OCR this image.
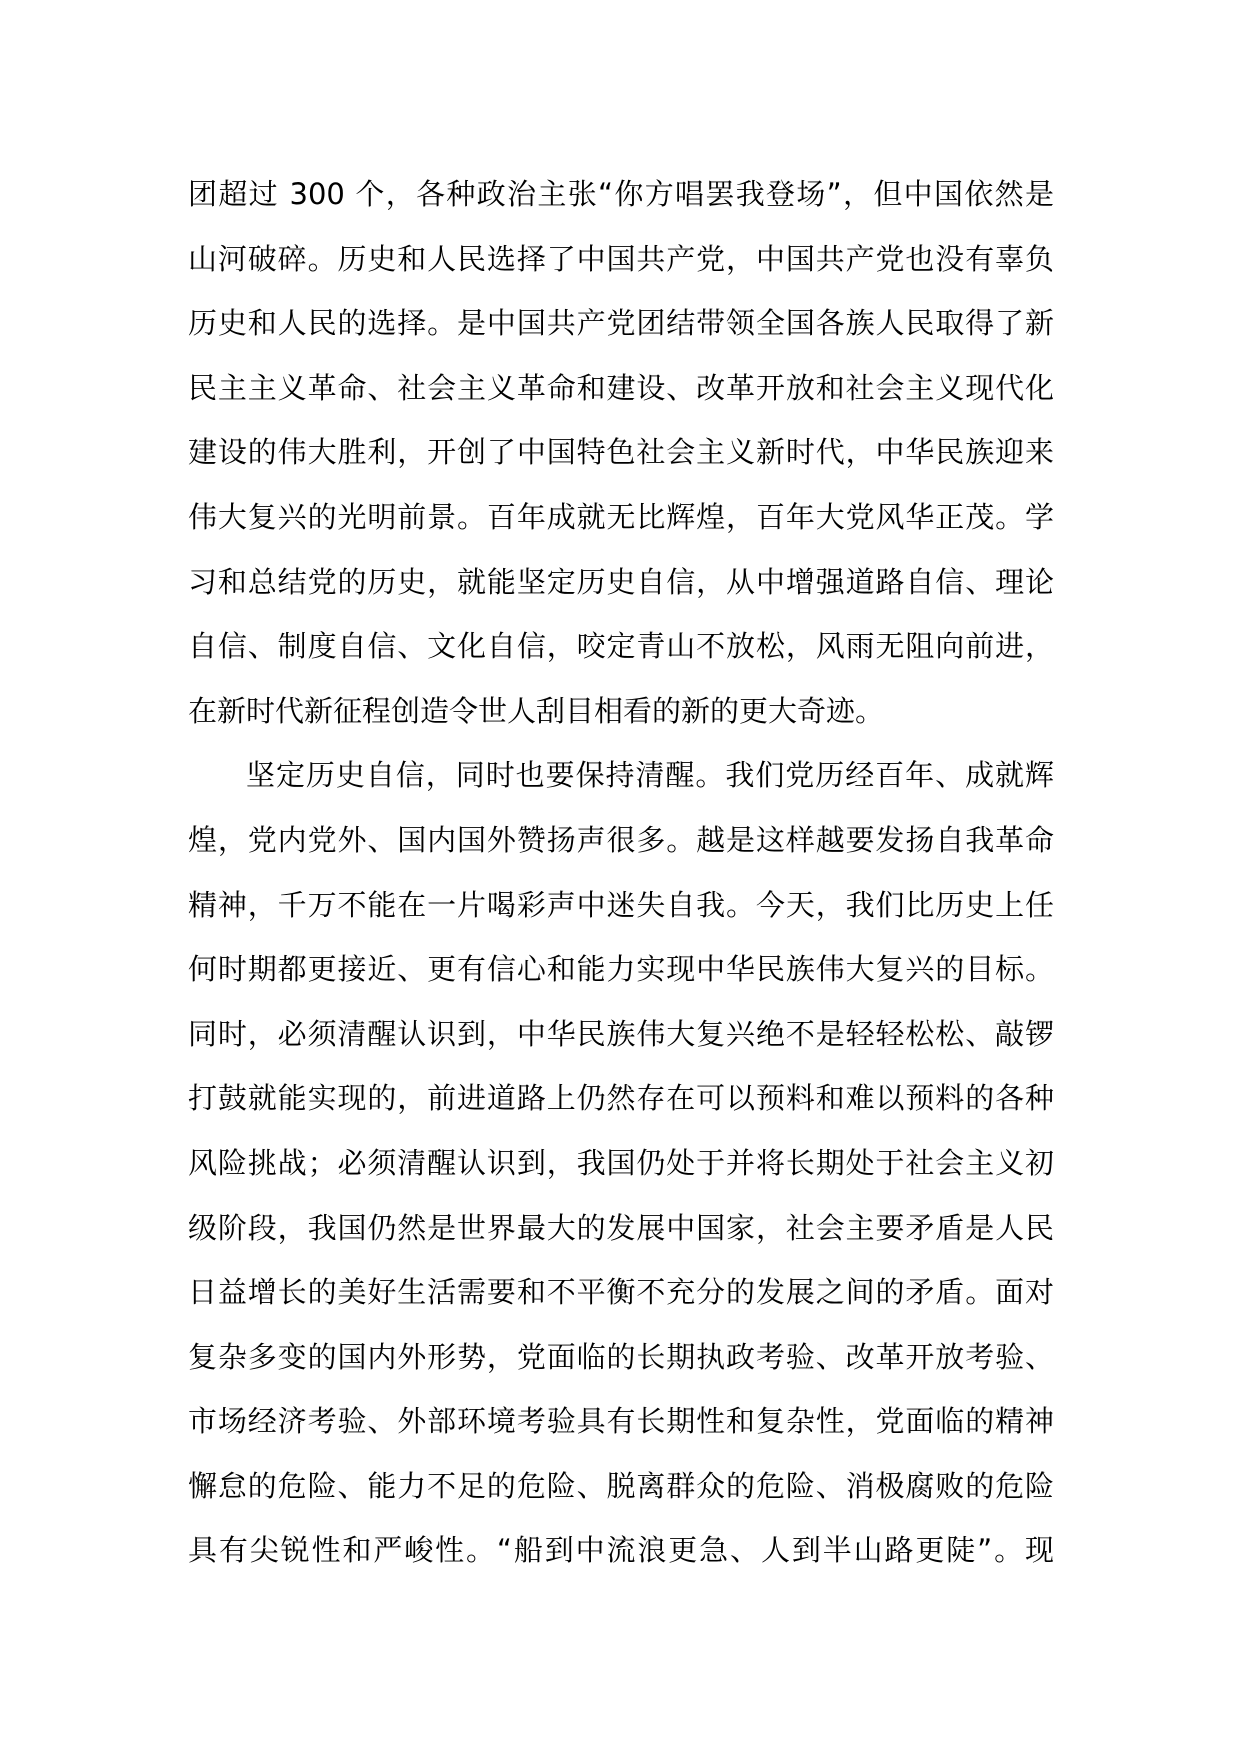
团超过 300 个，各种政治主张“你方唱罢我登场”，但中国依然是
山河破碎。历史和人民选择了中国共产党，中国共产党也没有辜负
历史和人民的选择。是中国共产党团结带领全国各族人民取得了新
民主主义革命、社会主义革命和建设、改革开放和社会主义现代化
建设的伟大胜利，开创了中国特色社会主义新时代，中华民族迎来
伟大复兴的光明前景。百年成就无比辉煌，百年大党风华正茂。学
习和总结党的历史，就能坚定历史自信，从中增强道路自信、理论
自信、制度自信、文化自信，咬定青山不放松，风雨无阻向前进，
在新时代新征程创造令世人刮目相看的新的更大奇迹。
坚定历史自信，同时也要保持清醒。我们党历经百年、成就辉
煌，党内党外、国内国外赞扬声很多。越是这样越要发扬自我革命
精神，千万不能在一片喝彩声中迷失自我。今天，我们比历史上任
何时期都更接近、更有信心和能力实现中华民族伟大复兴的目标。
同时，必须清醒认识到，中华民族伟大复兴绝不是轻轻松松、敲锣
打鼓就能实现的，前进道路上仍然存在可以预料和难以预料的各种
风险挑战；必须清醒认识到，我国仍处于并将长期处于社会主义初
级阶段，我国仍然是世界最大的发展中国家，社会主要矛盾是人民
日益增长的美好生活需要和不平衡不充分的发展之间的矛盾。面对
复杂多变的国内外形势，党面临的长期执政考验、改革开放考验、
市场经济考验、外部环境考验具有长期性和复杂性，党面临的精神
懈怠的危险、能力不足的危险、脱离群众的危险、消极腐败的危险
具有尖锐性和严峻性。“船到中流浪更急、人到半山路更陡”。现
